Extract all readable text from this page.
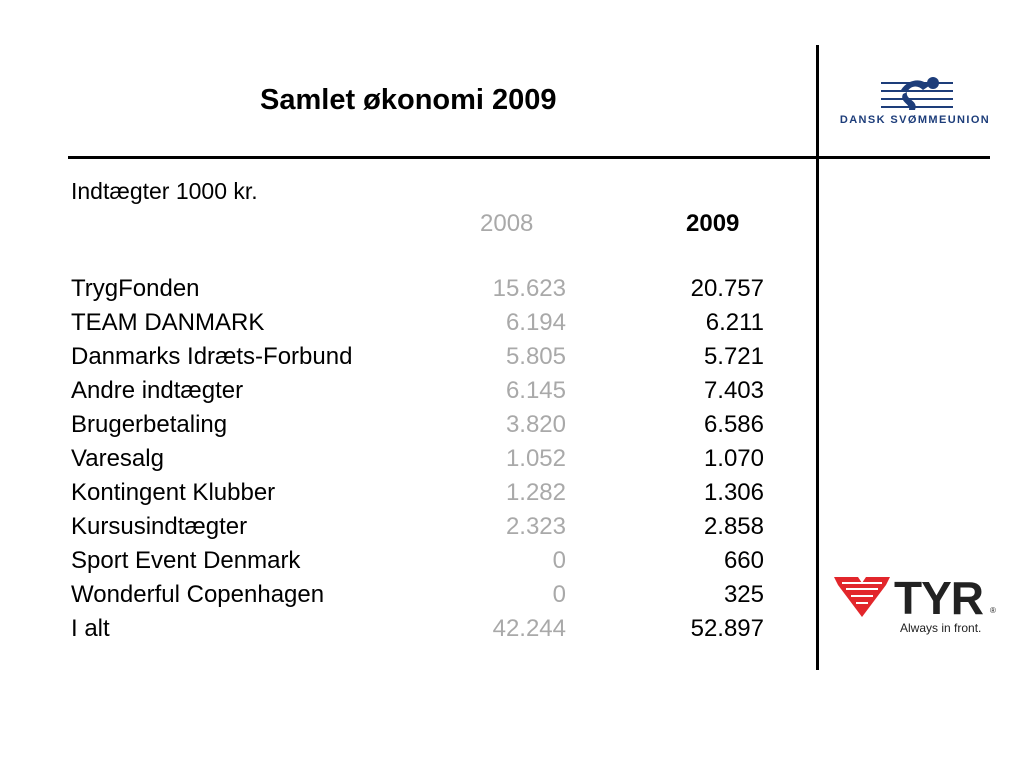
Samlet økonomi 2009
DANSK SVØMMEUNION
Indtægter 1000 kr.
2008	2009
TrygFonden	15.623	20.757
TEAM DANMARK	6.194	6.211
Danmarks Idræts-Forbund	5.805	5.721
Andre indtægter	6.145	7.403
Brugerbetaling	3.820	6.586
Varesalg	1.052	1.070
Kontingent Klubber	1.282	1.306
Kursusindtægter	2.323	2.858
Sport Event Denmark	0	660
Wonderful Copenhagen	0	325
I alt	42.244	52.897
TYR ®
Always in front.
